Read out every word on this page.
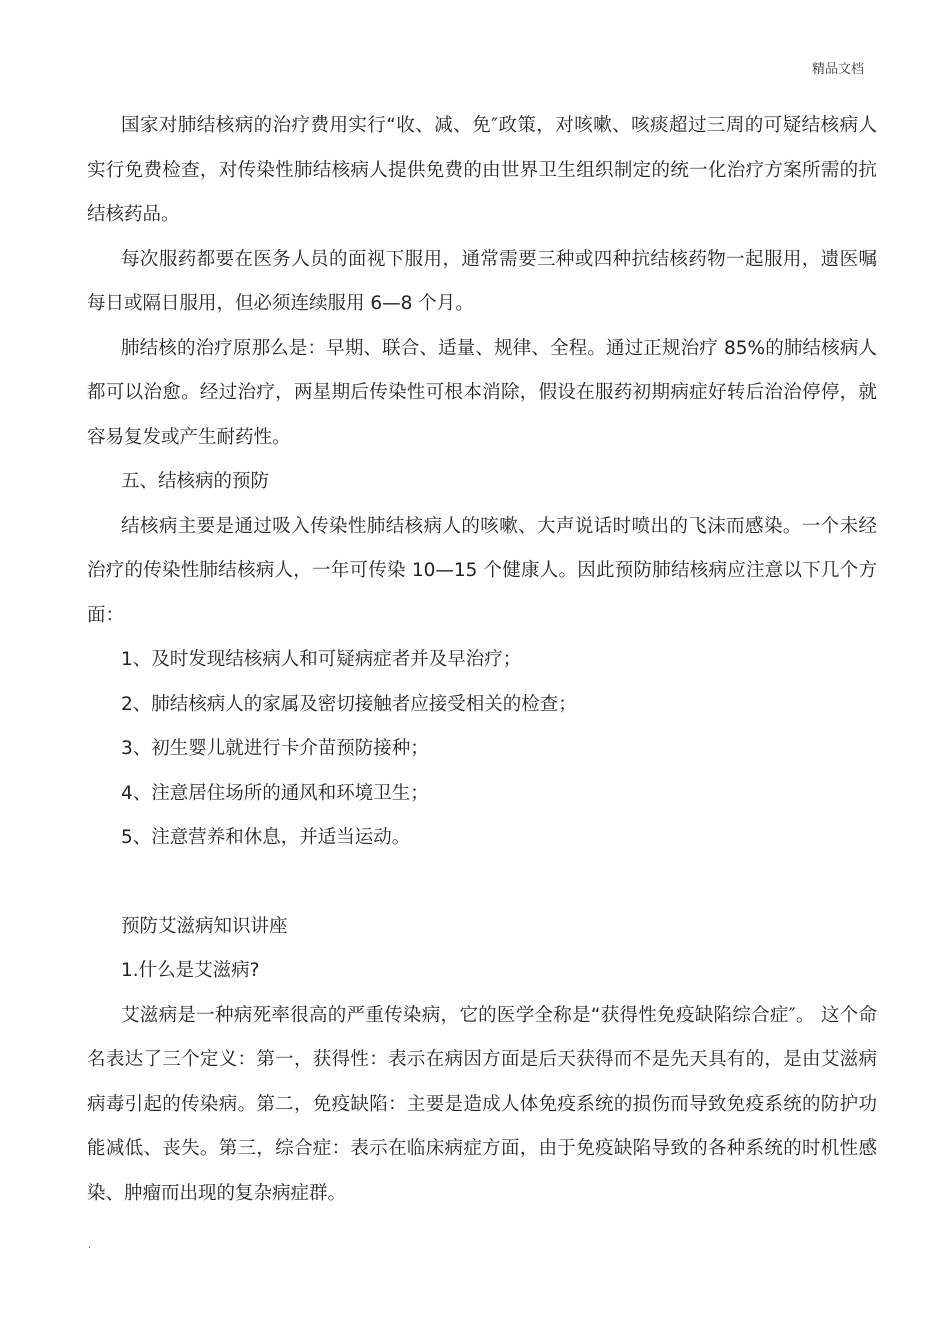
精品文档

国家对肺结核病的治疗费用实行“收、减、免″政策，对咳嗽、咳痰超过三周的可疑结核病人实行免费检查，对传染性肺结核病人提供免费的由世界卫生组织制定的统一化治疗方案所需的抗结核药品。

每次服药都要在医务人员的面视下服用，通常需要三种或四种抗结核药物一起服用，遗医嘱每日或隔日服用，但必须连续服用 6—8 个月。

肺结核的治疗原那么是：早期、联合、适量、规律、全程。通过正规治疗 85%的肺结核病人都可以治愈。经过治疗，两星期后传染性可根本消除，假设在服药初期病症好转后治治停停，就容易复发或产生耐药性。

五、结核病的预防

结核病主要是通过吸入传染性肺结核病人的咳嗽、大声说话时喷出的飞沫而感染。一个未经治疗的传染性肺结核病人，一年可传染 10—15 个健康人。因此预防肺结核病应注意以下几个方面：

1、及时发现结核病人和可疑病症者并及早治疗；

2、肺结核病人的家属及密切接触者应接受相关的检查；

3、初生婴儿就进行卡介苗预防接种；

4、注意居住场所的通风和环境卫生；

5、注意营养和休息，并适当运动。

预防艾滋病知识讲座

1.什么是艾滋病?

艾滋病是一种病死率很高的严重传染病，它的医学全称是“获得性免疫缺陷综合症″。 这个命名表达了三个定义：第一，获得性：表示在病因方面是后天获得而不是先天具有的，是由艾滋病病毒引起的传染病。第二，免疫缺陷：主要是造成人体免疫系统的损伤而导致免疫系统的防护功能减低、丧失。第三，综合症：表示在临床病症方面，由于免疫缺陷导致的各种系统的时机性感染、肿瘤而出现的复杂病症群。

.
